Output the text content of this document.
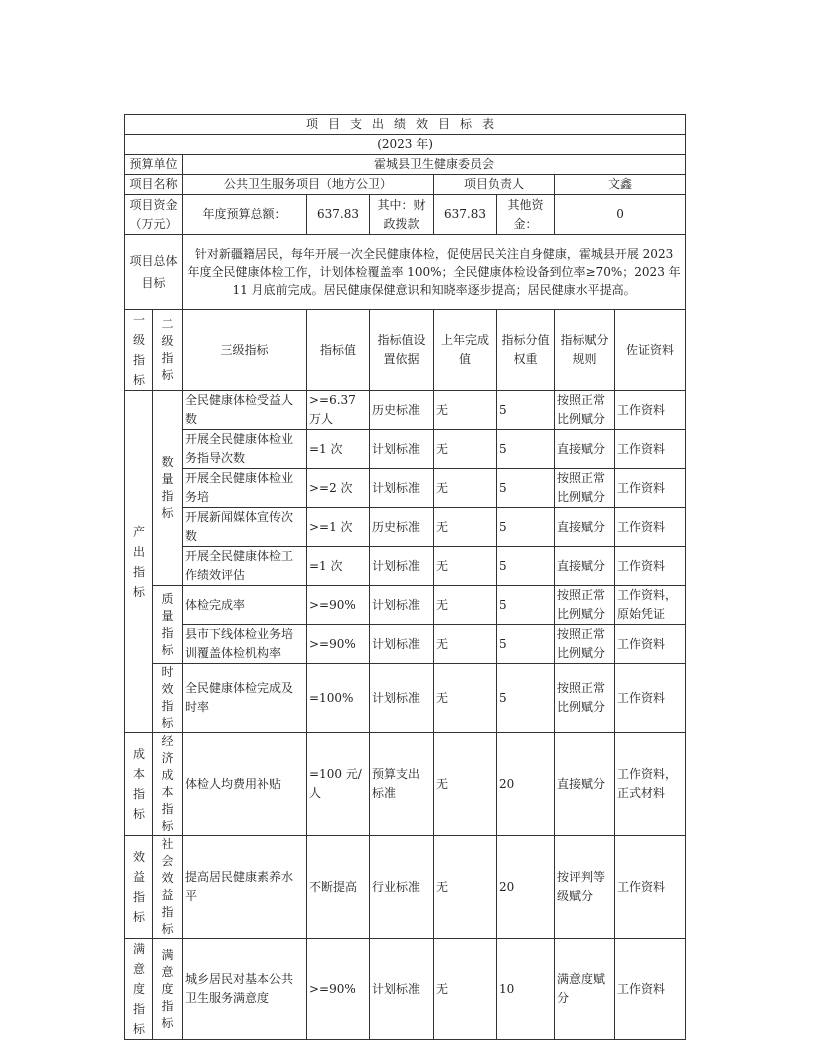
项目支出绩效目标表								
(2023 年)								
预算单位		霍城县卫生健康委员会						
项目名称		公共卫生服务项目（地方公卫）			项目负责人		文鑫	
项目资金（万元）		年度预算总额：	637.83	其中：财政拨款	637.83	其他资金：	0	
项目总体目标		针对新疆籍居民，每年开展一次全民健康体检，促使居民关注自身健康，霍城县开展 2023 年度全民健康体检工作，计划体检覆盖率 100%；全民健康体检设备到位率≥70%；2023 年 11 月底前完成。居民健康保健意识和知晓率逐步提高；居民健康水平提高。						
一级指标	二级指标	三级指标	指标值	指标值设置依据	上年完成值	指标分值权重	指标赋分规则	佐证资料
产出指标	数量指标	全民健康体检受益人数	>=6.37 万人	历史标准	无	5	按照正常比例赋分	工作资料
		开展全民健康体检业务指导次数	=1 次	计划标准	无	5	直接赋分	工作资料
		开展全民健康体检业务培	>=2 次	计划标准	无	5	按照正常比例赋分	工作资料
		开展新闻媒体宣传次数	>=1 次	历史标准	无	5	直接赋分	工作资料
		开展全民健康体检工作绩效评估	=1 次	计划标准	无	5	直接赋分	工作资料
	质量指标	体检完成率	>=90%	计划标准	无	5	按照正常比例赋分	工作资料，原始凭证
		县市下线体检业务培训覆盖体检机构率	>=90%	计划标准	无	5	按照正常比例赋分	工作资料
	时效指标	全民健康体检完成及时率	=100%	计划标准	无	5	按照正常比例赋分	工作资料
成本指标	经济成本指标	体检人均费用补贴	=100 元/人	预算支出标准	无	20	直接赋分	工作资料，正式材料
效益指标	社会效益指标	提高居民健康素养水平	不断提高	行业标准	无	20	按评判等级赋分	工作资料
满意度指标	满意度指标	城乡居民对基本公共卫生服务满意度	>=90%	计划标准	无	10	满意度赋分	工作资料
